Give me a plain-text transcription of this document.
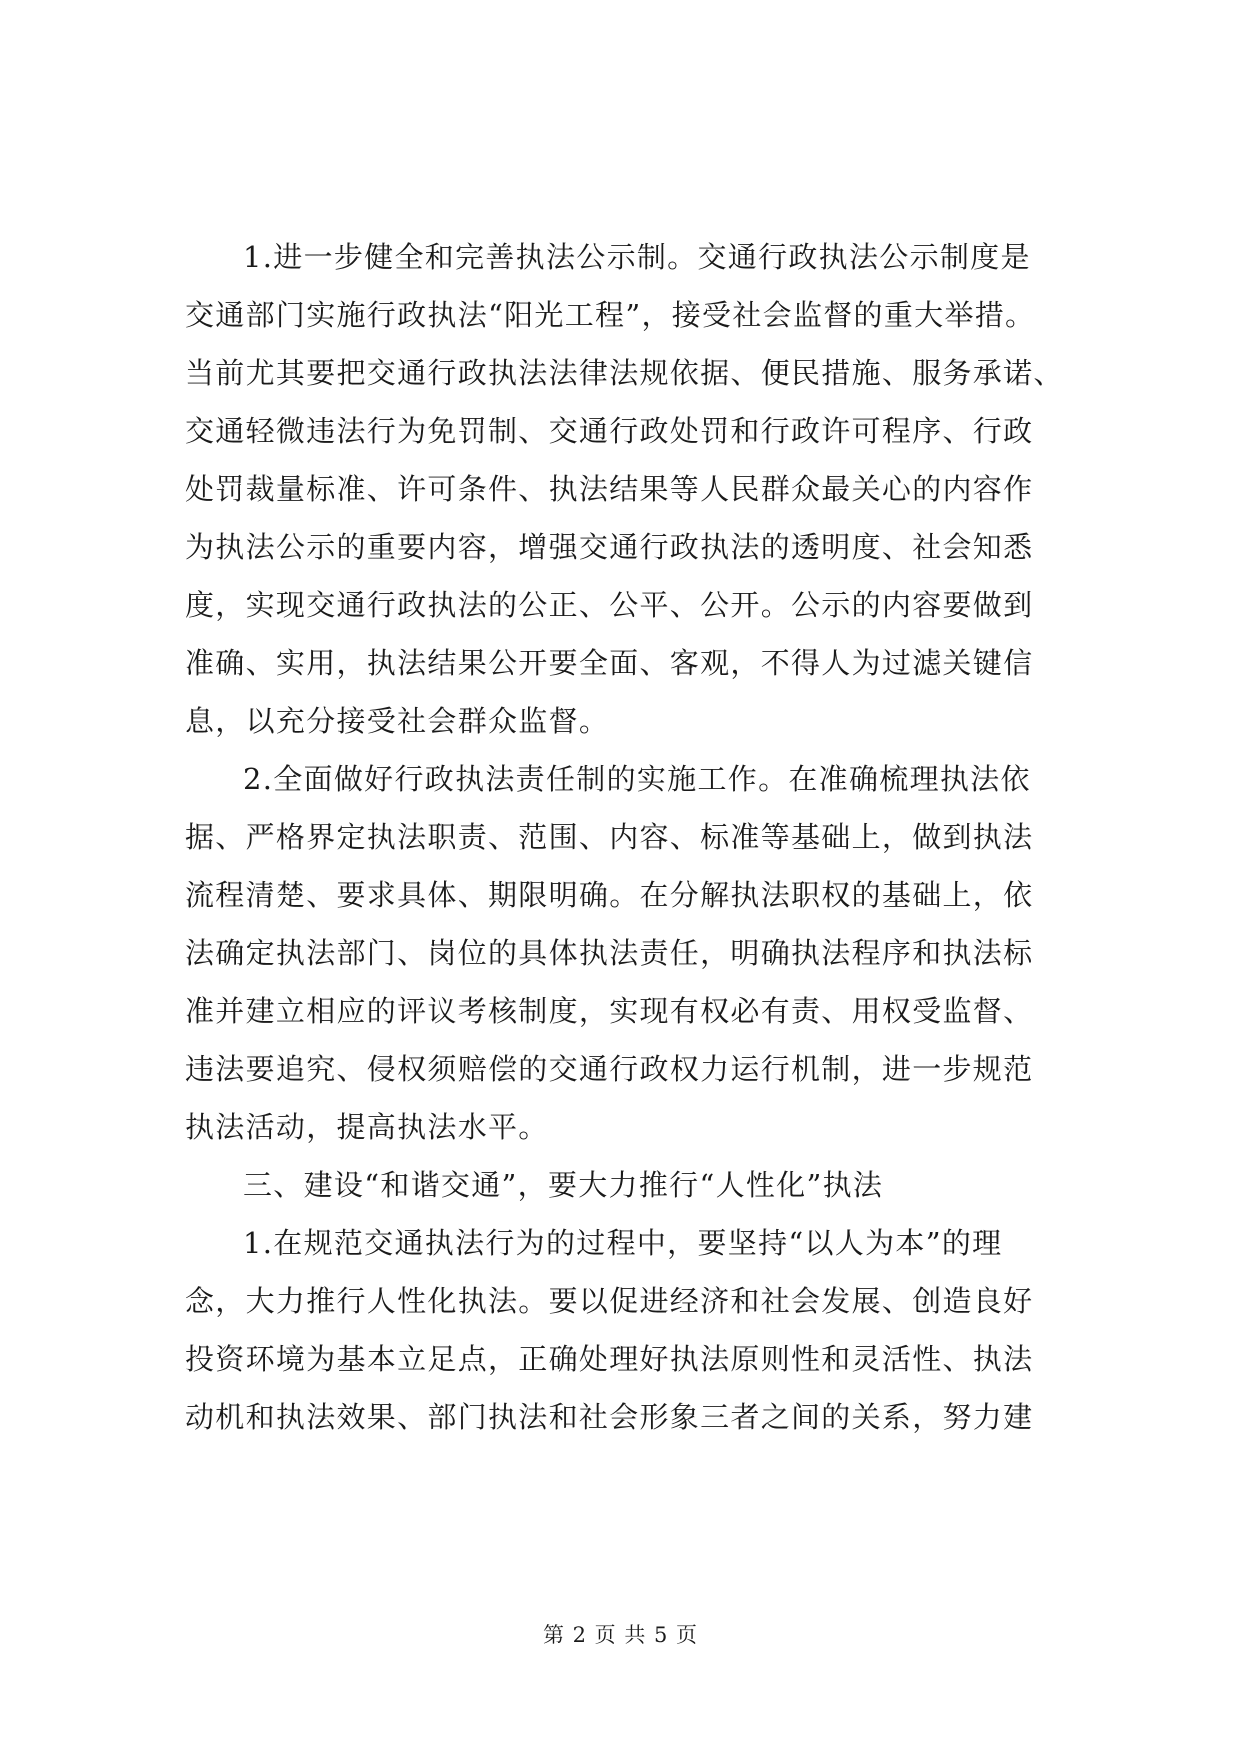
1.进一步健全和完善执法公示制。交通行政执法公示制度是
交通部门实施行政执法“阳光工程”，接受社会监督的重大举措。
当前尤其要把交通行政执法法律法规依据、便民措施、服务承诺、
交通轻微违法行为免罚制、交通行政处罚和行政许可程序、行政
处罚裁量标准、许可条件、执法结果等人民群众最关心的内容作
为执法公示的重要内容，增强交通行政执法的透明度、社会知悉
度，实现交通行政执法的公正、公平、公开。公示的内容要做到
准确、实用，执法结果公开要全面、客观，不得人为过滤关键信
息，以充分接受社会群众监督。
2.全面做好行政执法责任制的实施工作。在准确梳理执法依
据、严格界定执法职责、范围、内容、标准等基础上，做到执法
流程清楚、要求具体、期限明确。在分解执法职权的基础上，依
法确定执法部门、岗位的具体执法责任，明确执法程序和执法标
准并建立相应的评议考核制度，实现有权必有责、用权受监督、
违法要追究、侵权须赔偿的交通行政权力运行机制，进一步规范
执法活动，提高执法水平。
三、建设“和谐交通”，要大力推行“人性化”执法
1.在规范交通执法行为的过程中，要坚持“以人为本”的理
念，大力推行人性化执法。要以促进经济和社会发展、创造良好
投资环境为基本立足点，正确处理好执法原则性和灵活性、执法
动机和执法效果、部门执法和社会形象三者之间的关系，努力建
第 2 页 共 5 页
